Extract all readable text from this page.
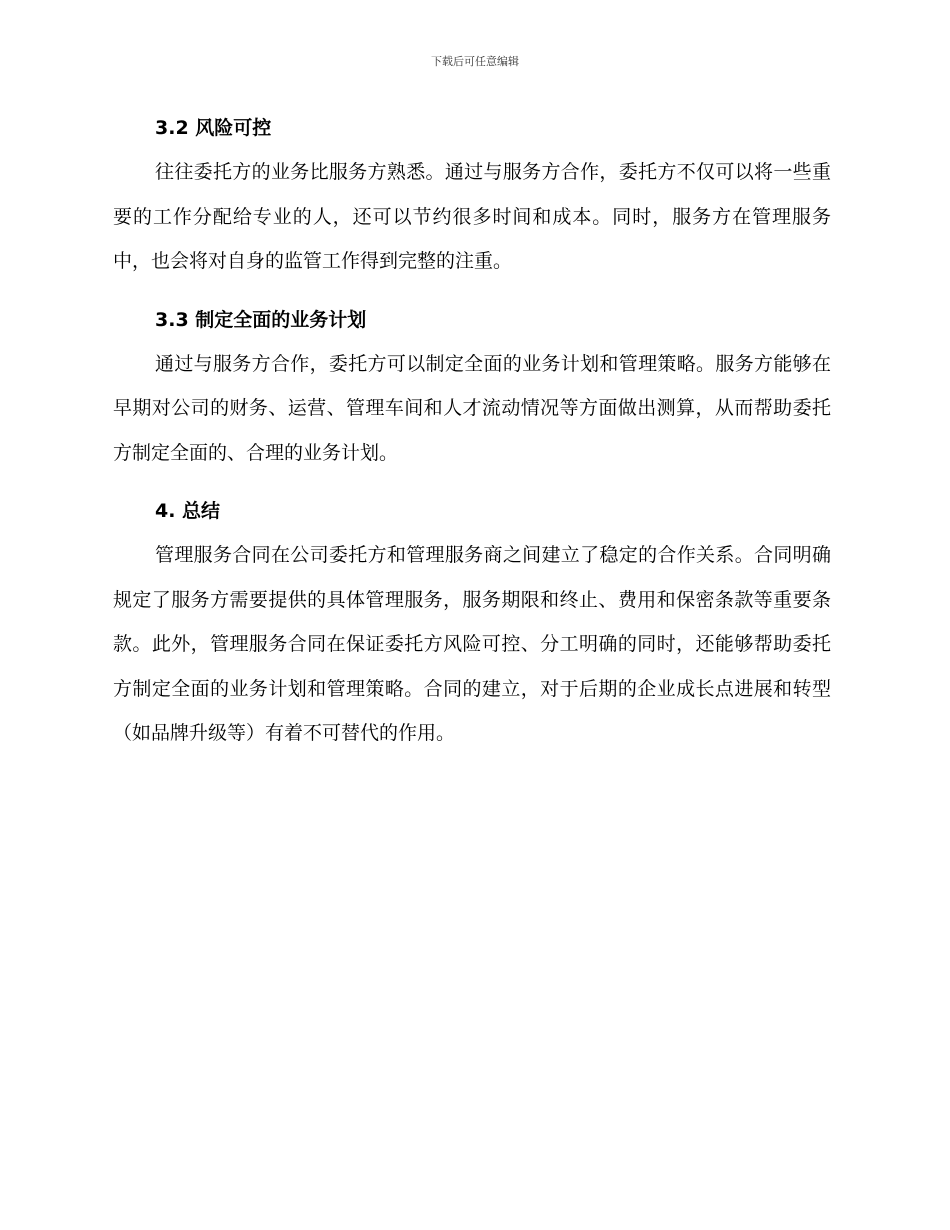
下载后可任意编辑
3.2 风险可控

往往委托方的业务比服务方熟悉。通过与服务方合作，委托方不仅可以将一些重要的工作分配给专业的人，还可以节约很多时间和成本。同时，服务方在管理服务中，也会将对自身的监管工作得到完整的注重。

3.3 制定全面的业务计划

通过与服务方合作，委托方可以制定全面的业务计划和管理策略。服务方能够在早期对公司的财务、运营、管理车间和人才流动情况等方面做出测算，从而帮助委托方制定全面的、合理的业务计划。

4. 总结

管理服务合同在公司委托方和管理服务商之间建立了稳定的合作关系。合同明确规定了服务方需要提供的具体管理服务，服务期限和终止、费用和保密条款等重要条款。此外，管理服务合同在保证委托方风险可控、分工明确的同时，还能够帮助委托方制定全面的业务计划和管理策略。合同的建立，对于后期的企业成长点进展和转型（如品牌升级等）有着不可替代的作用。
